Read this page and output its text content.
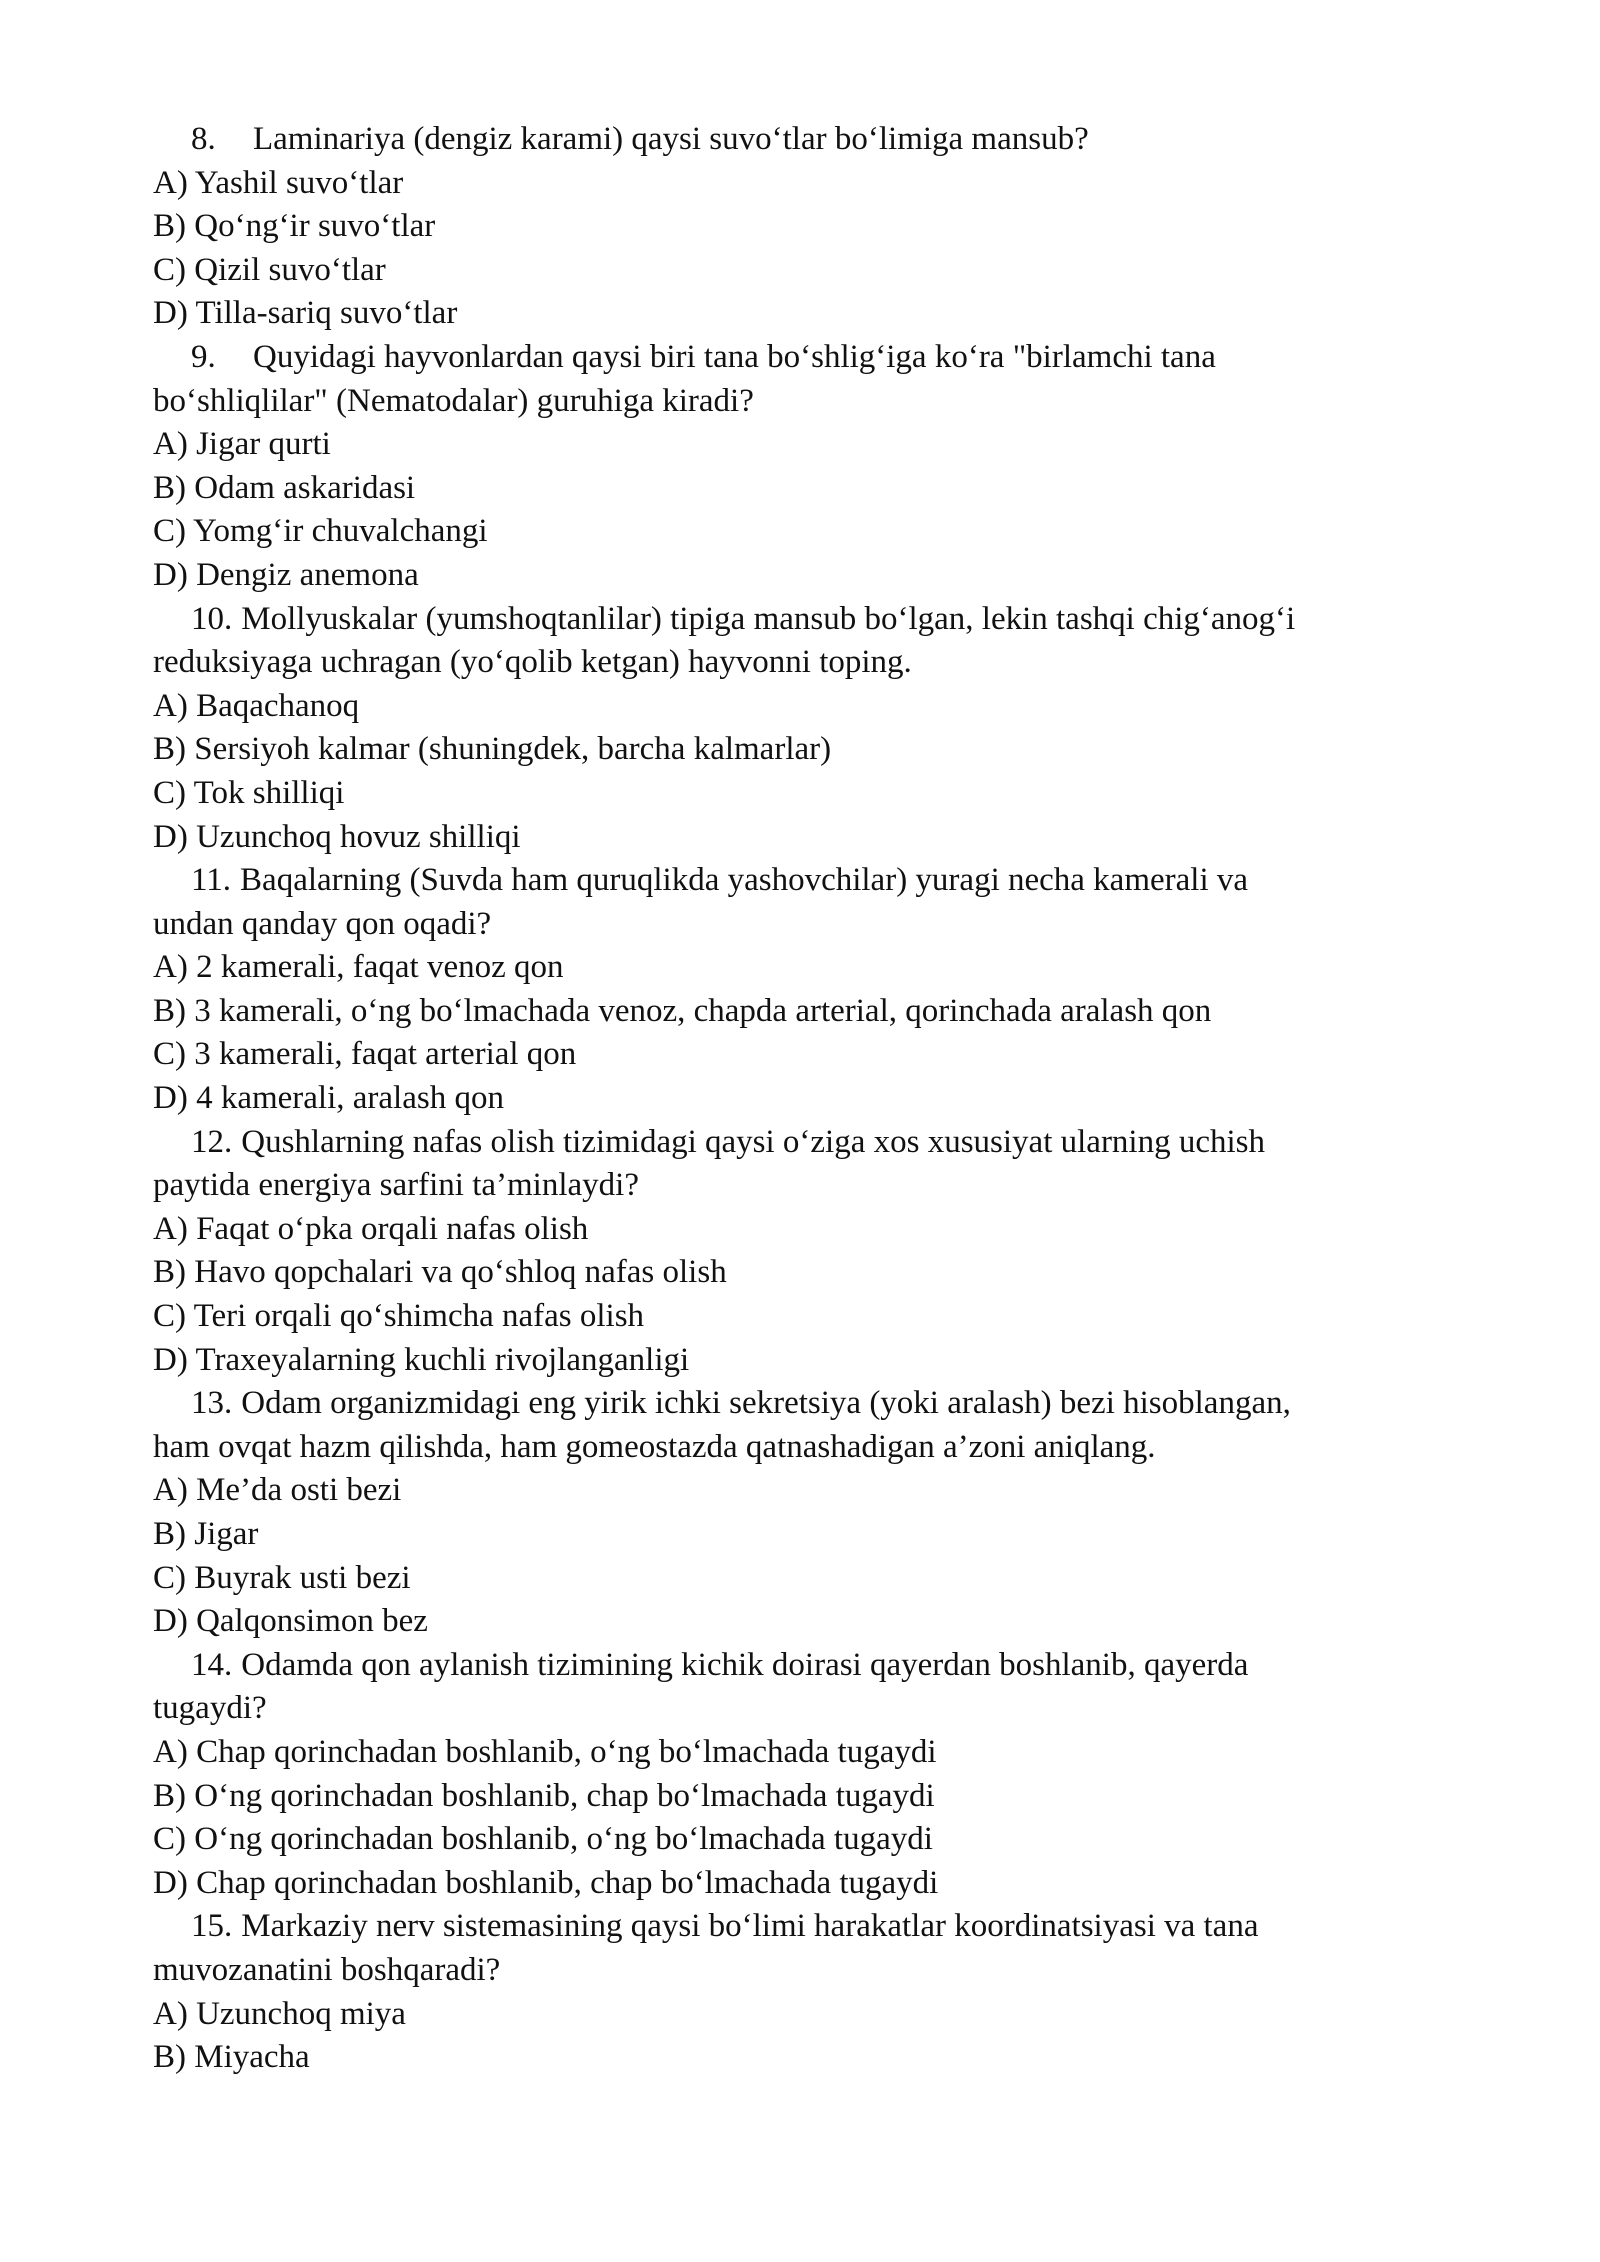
8. Laminariya (dengiz karami) qaysi suvo‘tlar bo‘limiga mansub?
A) Yashil suvo‘tlar
B) Qo‘ng‘ir suvo‘tlar
C) Qizil suvo‘tlar
D) Tilla-sariq suvo‘tlar
9. Quyidagi hayvonlardan qaysi biri tana bo‘shlig‘iga ko‘ra "birlamchi tana
bo‘shliqlilar" (Nematodalar) guruhiga kiradi?
A) Jigar qurti
B) Odam askaridasi
C) Yomg‘ir chuvalchangi
D) Dengiz anemona
10. Mollyuskalar (yumshoqtanlilar) tipiga mansub bo‘lgan, lekin tashqi chig‘anog‘i
reduksiyaga uchragan (yo‘qolib ketgan) hayvonni toping.
A) Baqachanoq
B) Sersiyoh kalmar (shuningdek, barcha kalmarlar)
C) Tok shilliqi
D) Uzunchoq hovuz shilliqi
11. Baqalarning (Suvda ham quruqlikda yashovchilar) yuragi necha kamerali va
undan qanday qon oqadi?
A) 2 kamerali, faqat venoz qon
B) 3 kamerali, o‘ng bo‘lmachada venoz, chapda arterial, qorinchada aralash qon
C) 3 kamerali, faqat arterial qon
D) 4 kamerali, aralash qon
12. Qushlarning nafas olish tizimidagi qaysi o‘ziga xos xususiyat ularning uchish
paytida energiya sarfini ta’minlaydi?
A) Faqat o‘pka orqali nafas olish
B) Havo qopchalari va qo‘shloq nafas olish
C) Teri orqali qo‘shimcha nafas olish
D) Traxeyalarning kuchli rivojlanganligi
13. Odam organizmidagi eng yirik ichki sekretsiya (yoki aralash) bezi hisoblangan,
ham ovqat hazm qilishda, ham gomeostazda qatnashadigan a’zoni aniqlang.
A) Me’da osti bezi
B) Jigar
C) Buyrak usti bezi
D) Qalqonsimon bez
14. Odamda qon aylanish tizimining kichik doirasi qayerdan boshlanib, qayerda
tugaydi?
A) Chap qorinchadan boshlanib, o‘ng bo‘lmachada tugaydi
B) O‘ng qorinchadan boshlanib, chap bo‘lmachada tugaydi
C) O‘ng qorinchadan boshlanib, o‘ng bo‘lmachada tugaydi
D) Chap qorinchadan boshlanib, chap bo‘lmachada tugaydi
15. Markaziy nerv sistemasining qaysi bo‘limi harakatlar koordinatsiyasi va tana
muvozanatini boshqaradi?
A) Uzunchoq miya
B) Miyacha
